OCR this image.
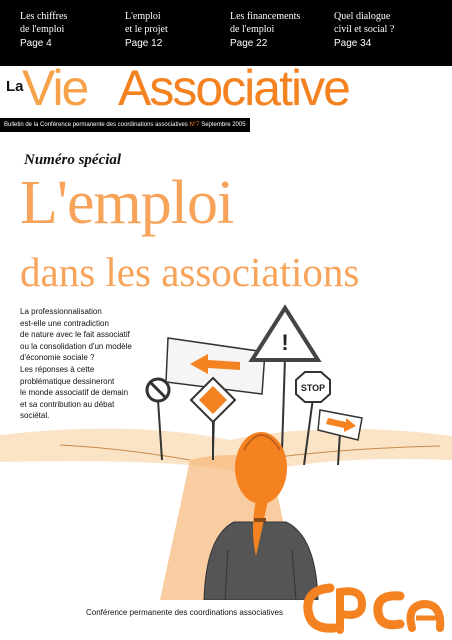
Les chiffres
de l'emploi
Page 4
L'emploi
et le projet
Page 12
Les financements
de l'emploi
Page 22
Quel dialogue
civil et social ?
Page 34
La
Vie Associative
Bulletin de la Conférence permanente des coordinations associatives N°7 Septembre 2005
Numéro spécial
L'emploi
dans les associations
!
STOP
La professionnalisation
est-elle une contradiction
de nature avec le fait associatif
ou la consolidation d'un modèle
d'économie sociale ?
Les réponses à cette
problématique dessineront
le monde associatif de demain
et sa contribution au débat
sociétal.
Conférence permanente des coordinations associatives
